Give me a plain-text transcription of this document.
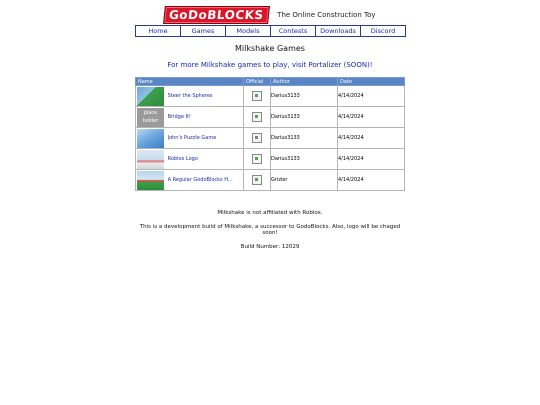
GoDoBLOCKS The Online Construction Toy
Home	Games	Models	Contests	Downloads	Discord
Milkshake Games
For more Milkshake games to play, visit Portalizer (SOON)!
Name	Official	Author	Date
Steer the Spheres		Darius3133	4/14/2024
place holder Bridge It!		Darius3133	4/14/2024
John's Puzzle Game		Darius3133	4/14/2024
Roblox Logo		Darius3133	4/14/2024
A Regular GodoBlocks H...		Grizler	4/14/2024

Milkshake is not affiliated with Roblox.

This is a development build of Milkshake, a successor to GodoBlocks. Also, logo will be chaged soon!

Build Number: 12029
